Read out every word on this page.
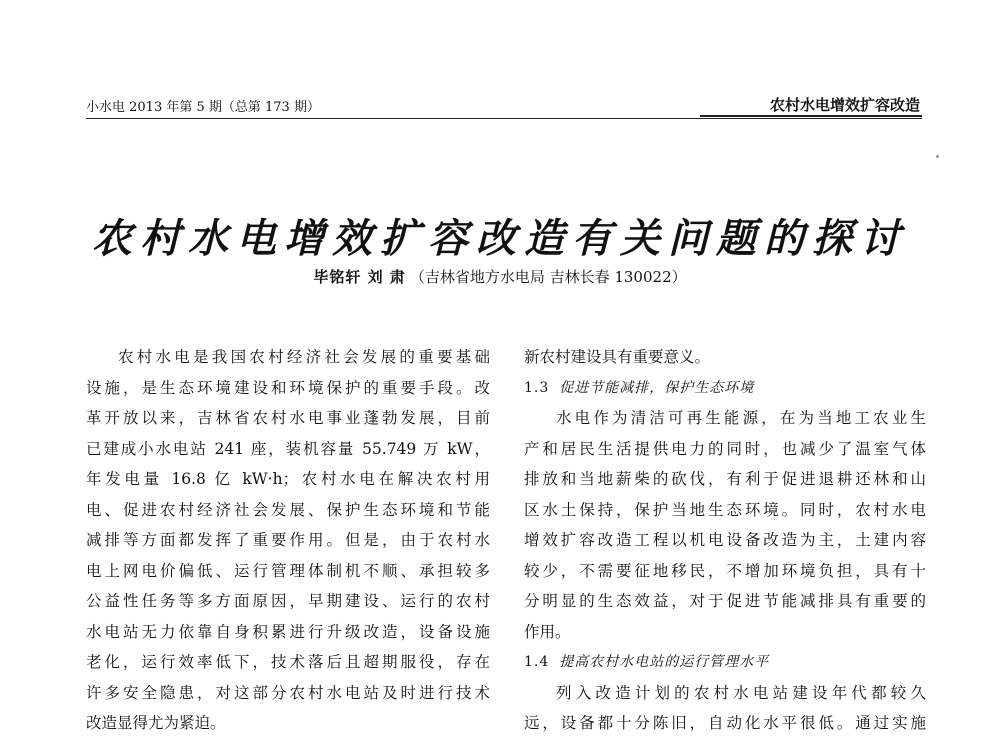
小水电 2013 年第 5 期（总第 173 期）	农村水电增效扩容改造
农村水电增效扩容改造有关问题的探讨
毕铭轩 刘 肃 （吉林省地方水电局 吉林长春 130022）
农村水电是我国农村经济社会发展的重要基础
设施，是生态环境建设和环境保护的重要手段。改
革开放以来，吉林省农村水电事业蓬勃发展，目前
已建成小水电站 241 座，装机容量 55.749 万 kW，
年发电量 16.8 亿 kW·h；农村水电在解决农村用
电、促进农村经济社会发展、保护生态环境和节能
减排等方面都发挥了重要作用。但是，由于农村水
电上网电价偏低、运行管理体制机不顺、承担较多
公益性任务等多方面原因，早期建设、运行的农村
水电站无力依靠自身积累进行升级改造，设备设施
老化，运行效率低下，技术落后且超期服役，存在
许多安全隐患，对这部分农村水电站及时进行技术
改造显得尤为紧迫。
新农村建设具有重要意义。
1.3 促进节能减排，保护生态环境
水电作为清洁可再生能源，在为当地工农业生
产和居民生活提供电力的同时，也减少了温室气体
排放和当地薪柴的砍伐，有利于促进退耕还林和山
区水土保持，保护当地生态环境。同时，农村水电
增效扩容改造工程以机电设备改造为主，土建内容
较少，不需要征地移民，不增加环境负担，具有十
分明显的生态效益，对于促进节能减排具有重要的
作用。
1.4 提高农村水电站的运行管理水平
列入改造计划的农村水电站建设年代都较久
远，设备都十分陈旧，自动化水平很低。通过实施
